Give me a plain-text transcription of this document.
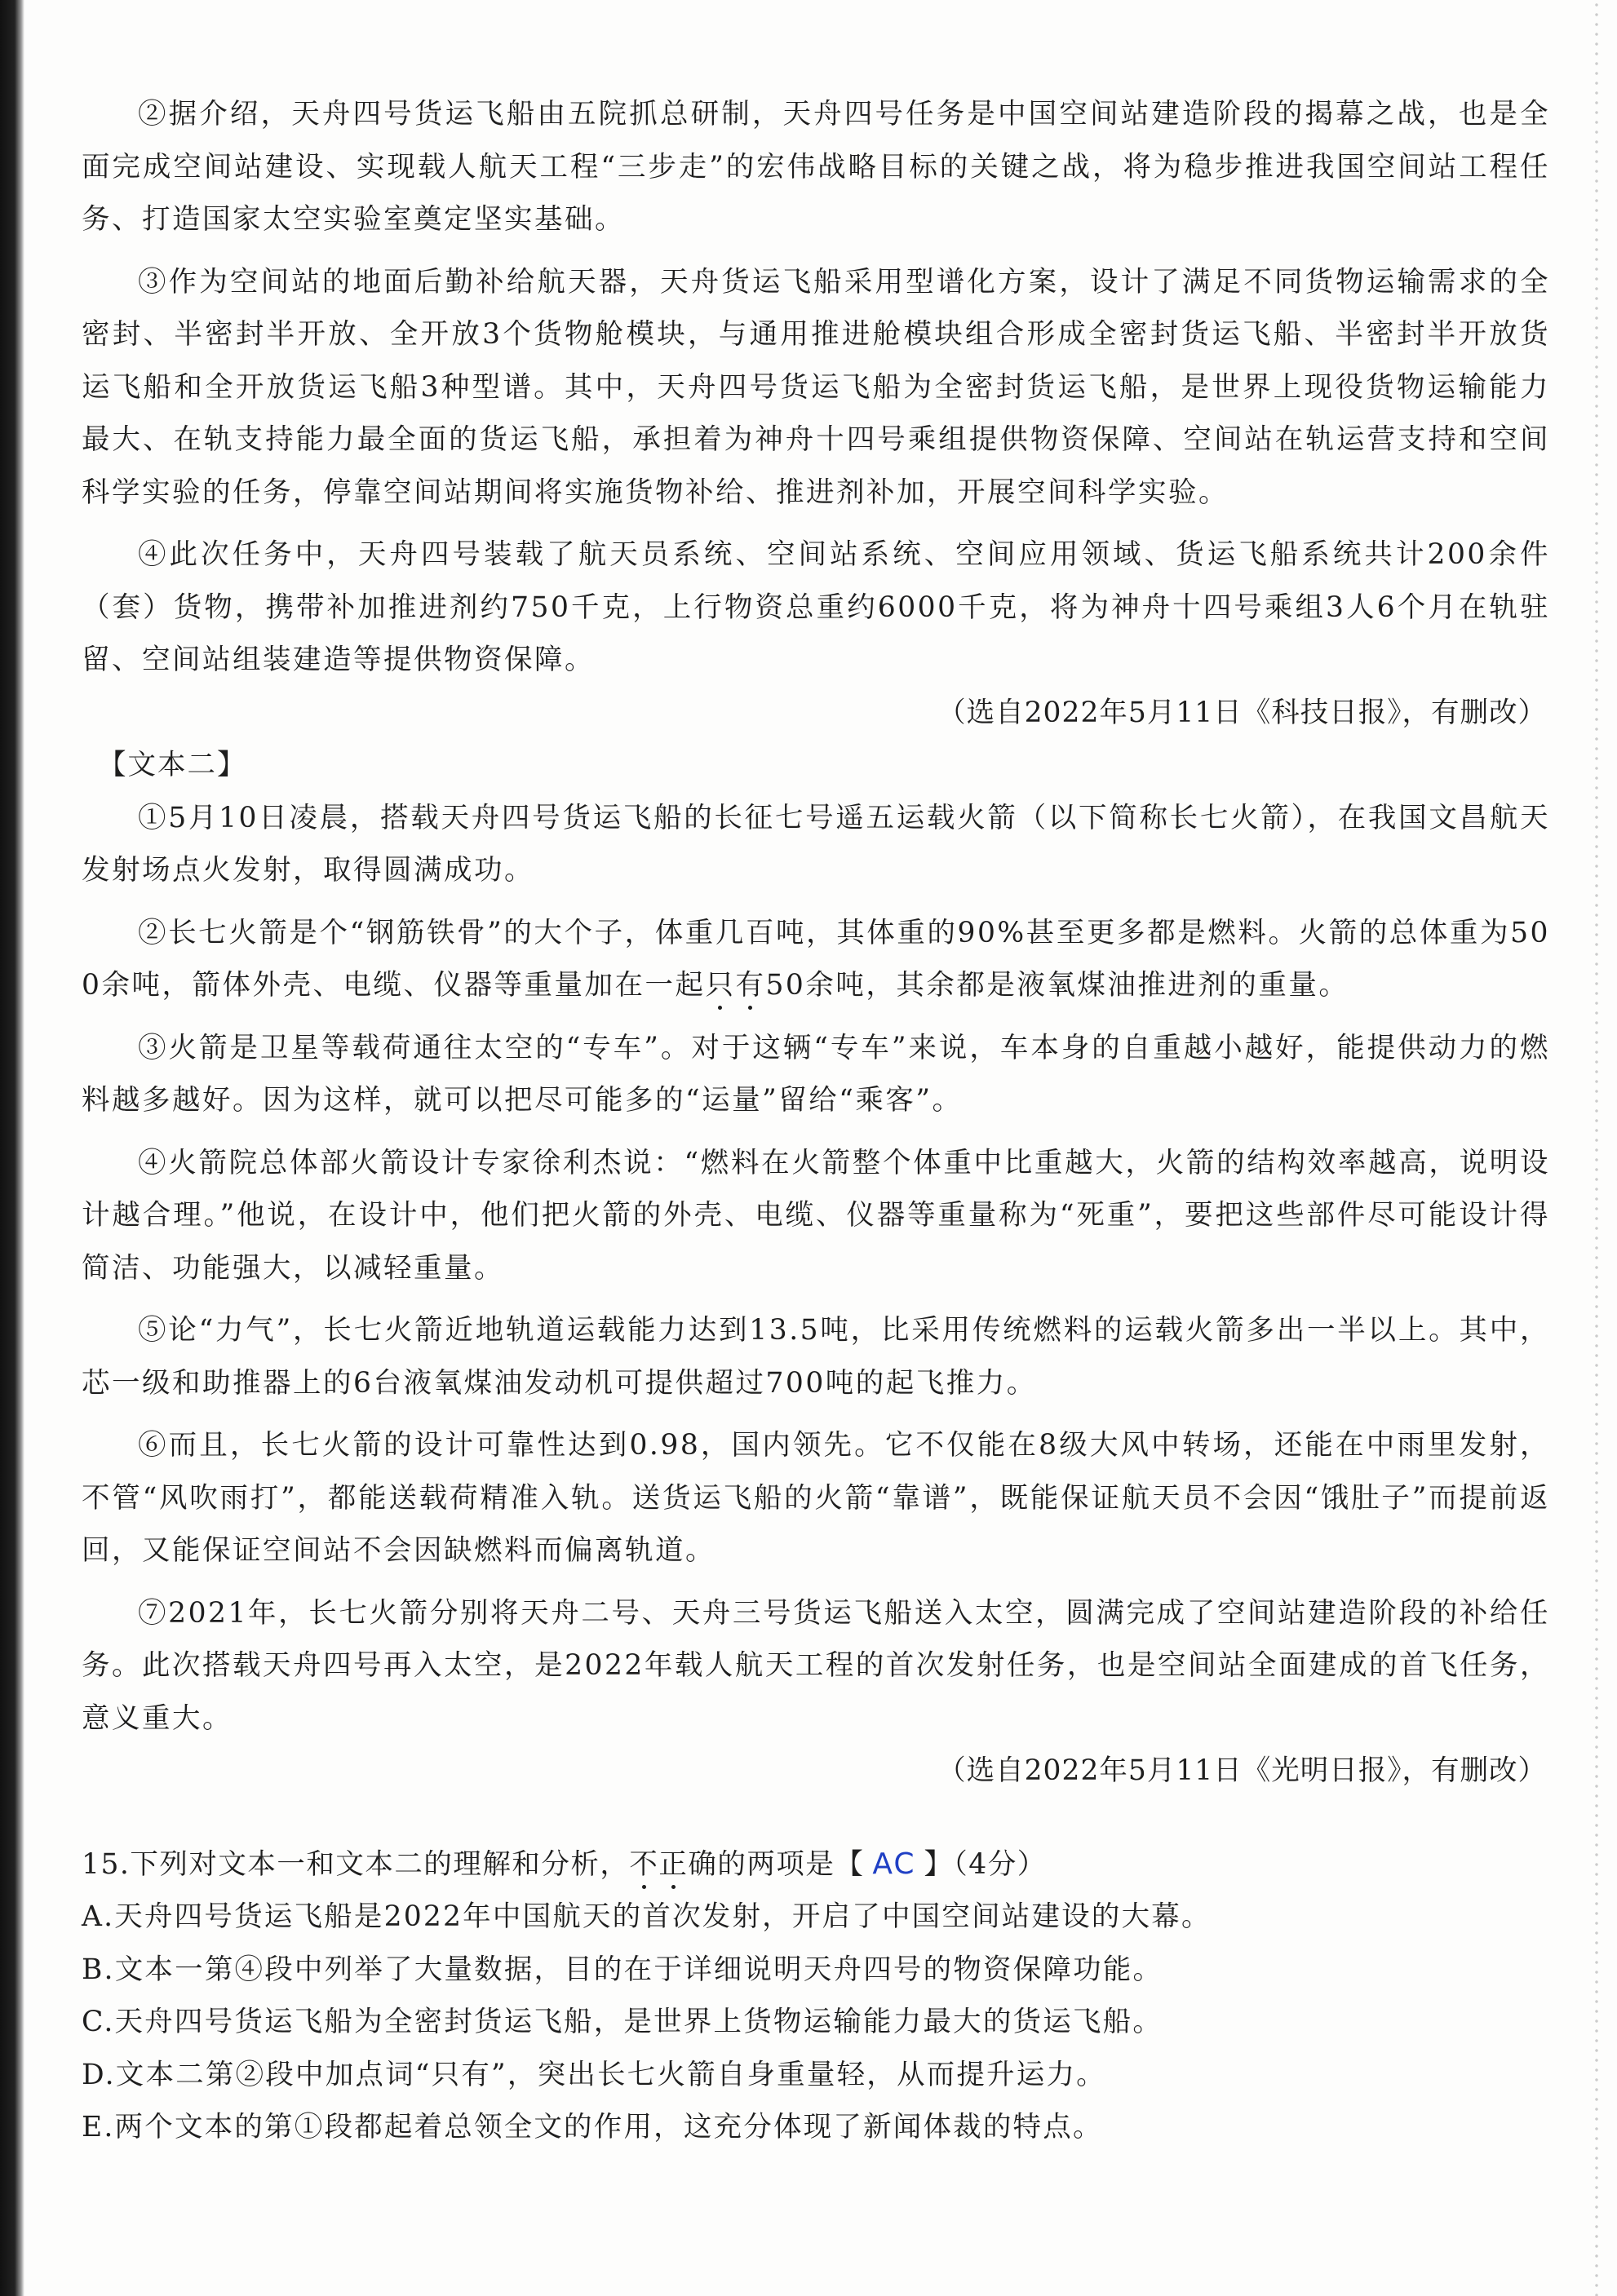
②据介绍，天舟四号货运飞船由五院抓总研制，天舟四号任务是中国空间站建造阶段的揭幕之战，也是全面完成空间站建设、实现载人航天工程“三步走”的宏伟战略目标的关键之战，将为稳步推进我国空间站工程任务、打造国家太空实验室奠定坚实基础。

③作为空间站的地面后勤补给航天器，天舟货运飞船采用型谱化方案，设计了满足不同货物运输需求的全密封、半密封半开放、全开放3个货物舱模块，与通用推进舱模块组合形成全密封货运飞船、半密封半开放货运飞船和全开放货运飞船3种型谱。其中，天舟四号货运飞船为全密封货运飞船，是世界上现役货物运输能力最大、在轨支持能力最全面的货运飞船，承担着为神舟十四号乘组提供物资保障、空间站在轨运营支持和空间科学实验的任务，停靠空间站期间将实施货物补给、推进剂补加，开展空间科学实验。

④此次任务中，天舟四号装载了航天员系统、空间站系统、空间应用领域、货运飞船系统共计200余件（套）货物，携带补加推进剂约750千克，上行物资总重约6000千克，将为神舟十四号乘组3人6个月在轨驻留、空间站组装建造等提供物资保障。

（选自2022年5月11日《科技日报》，有删改）

【文本二】

①5月10日凌晨，搭载天舟四号货运飞船的长征七号遥五运载火箭（以下简称长七火箭），在我国文昌航天发射场点火发射，取得圆满成功。

②长七火箭是个“钢筋铁骨”的大个子，体重几百吨，其体重的90%甚至更多都是燃料。火箭的总体重为500余吨，箭体外壳、电缆、仪器等重量加在一起只有50余吨，其余都是液氧煤油推进剂的重量。

③火箭是卫星等载荷通往太空的“专车”。对于这辆“专车”来说，车本身的自重越小越好，能提供动力的燃料越多越好。因为这样，就可以把尽可能多的“运量”留给“乘客”。

④火箭院总体部火箭设计专家徐利杰说：“燃料在火箭整个体重中比重越大，火箭的结构效率越高，说明设计越合理。”他说，在设计中，他们把火箭的外壳、电缆、仪器等重量称为“死重”，要把这些部件尽可能设计得简洁、功能强大，以减轻重量。

⑤论“力气”，长七火箭近地轨道运载能力达到13.5吨，比采用传统燃料的运载火箭多出一半以上。其中，芯一级和助推器上的6台液氧煤油发动机可提供超过700吨的起飞推力。

⑥而且，长七火箭的设计可靠性达到0.98，国内领先。它不仅能在8级大风中转场，还能在中雨里发射，不管“风吹雨打”，都能送载荷精准入轨。送货运飞船的火箭“靠谱”，既能保证航天员不会因“饿肚子”而提前返回，又能保证空间站不会因缺燃料而偏离轨道。

⑦2021年，长七火箭分别将天舟二号、天舟三号货运飞船送入太空，圆满完成了空间站建造阶段的补给任务。此次搭载天舟四号再入太空，是2022年载人航天工程的首次发射任务，也是空间站全面建成的首飞任务，意义重大。

（选自2022年5月11日《光明日报》，有删改）

15.下列对文本一和文本二的理解和分析，不正确的两项是【 AC 】（4分）

A.天舟四号货运飞船是2022年中国航天的首次发射，开启了中国空间站建设的大幕。

B.文本一第④段中列举了大量数据，目的在于详细说明天舟四号的物资保障功能。

C.天舟四号货运飞船为全密封货运飞船，是世界上货物运输能力最大的货运飞船。

D.文本二第②段中加点词“只有”，突出长七火箭自身重量轻，从而提升运力。

E.两个文本的第①段都起着总领全文的作用，这充分体现了新闻体裁的特点。
